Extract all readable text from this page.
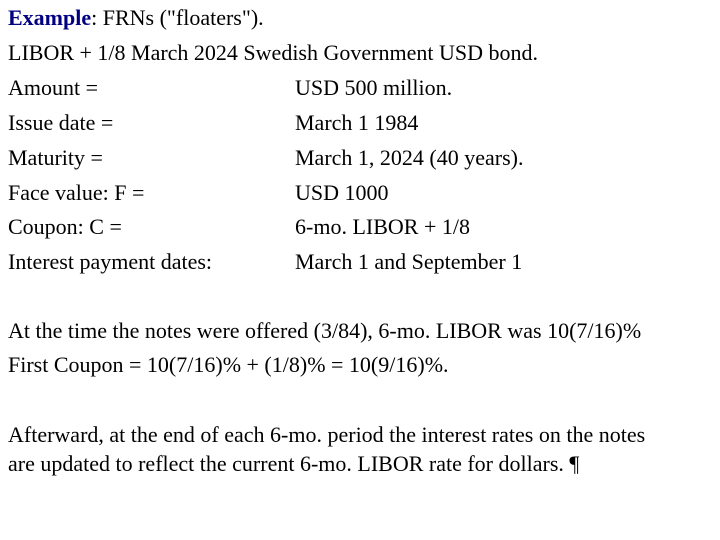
Example: FRNs ("floaters").
LIBOR + 1/8 March 2024 Swedish Government USD bond.
Amount =	USD 500 million.
Issue date =	March 1 1984
Maturity =	March 1, 2024 (40 years).
Face value: F =	USD 1000
Coupon: C =	6-mo. LIBOR + 1/8
Interest payment dates:	March 1 and September 1
At the time the notes were offered (3/84), 6-mo. LIBOR was 10(7/16)%
First Coupon = 10(7/16)% + (1/8)% = 10(9/16)%.
Afterward, at the end of each 6-mo. period the interest rates on the notes
are updated to reflect the current 6-mo. LIBOR rate for dollars. ¶
